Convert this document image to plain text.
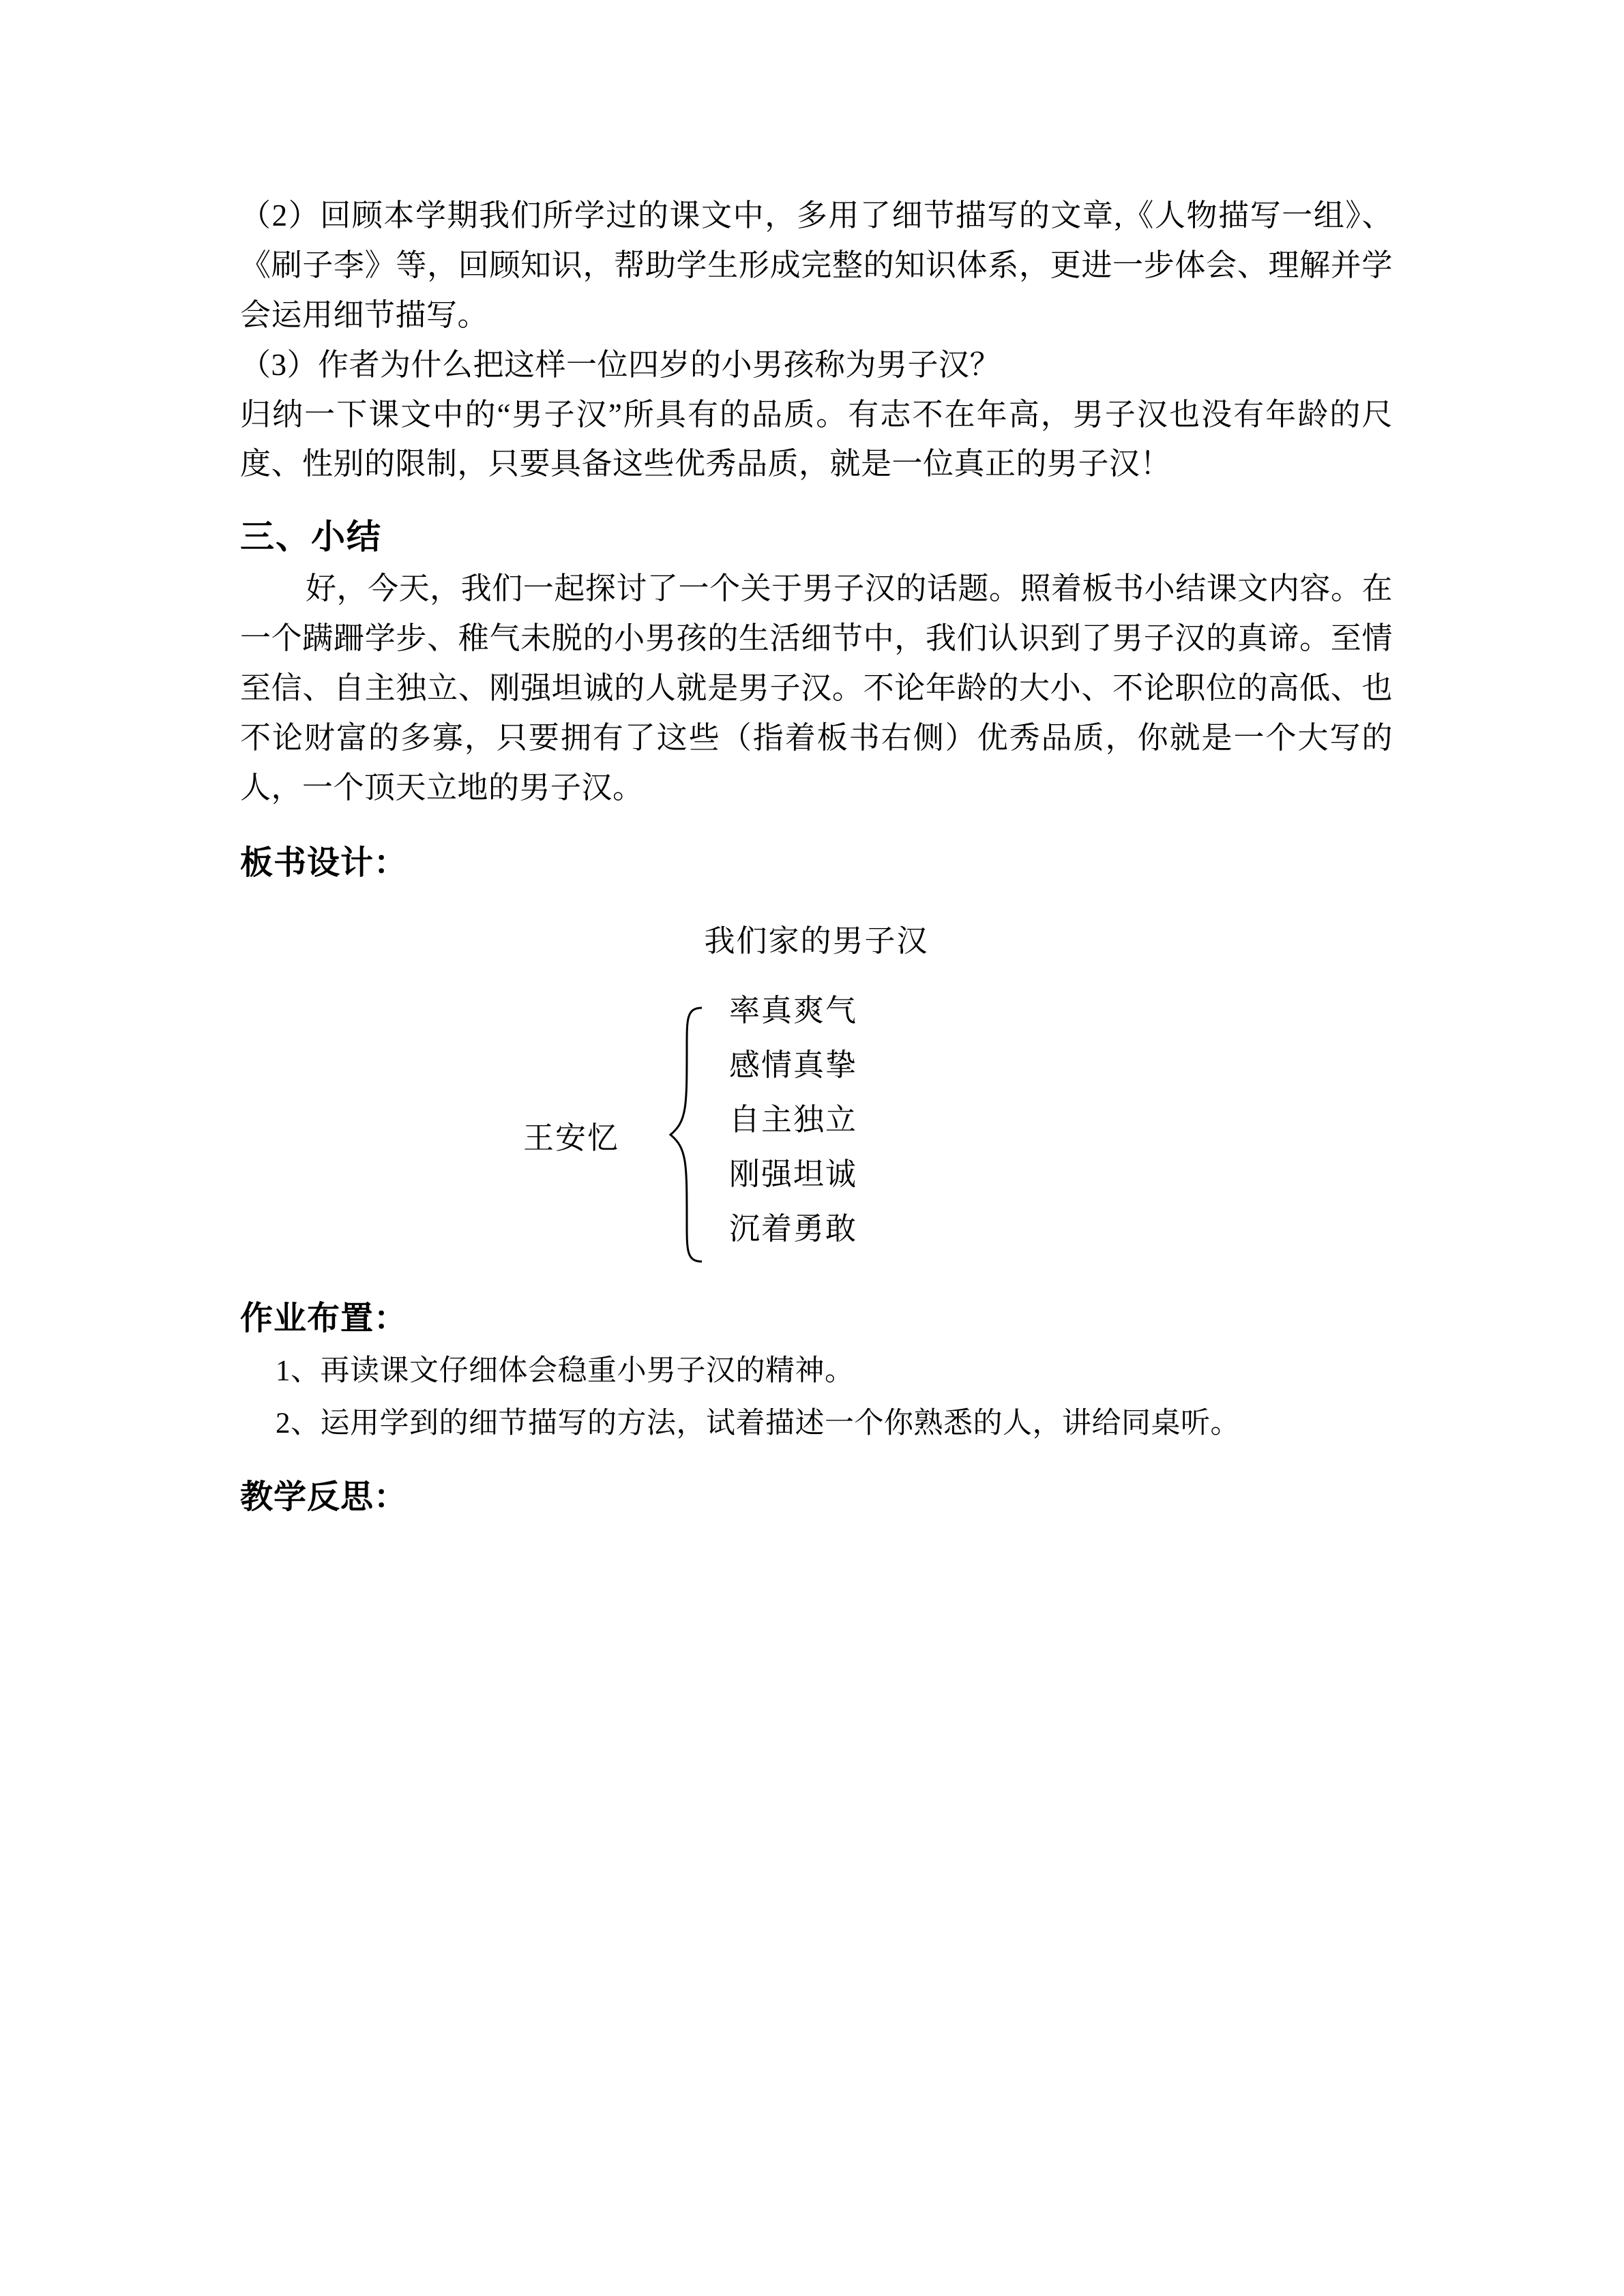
（2）回顾本学期我们所学过的课文中，多用了细节描写的文章,《人物描写一组》、《刷子李》等，回顾知识，帮助学生形成完整的知识体系，更进一步体会、理解并学会运用细节描写。

（3）作者为什么把这样一位四岁的小男孩称为男子汉？

归纳一下课文中的“男子汉”所具有的品质。有志不在年高，男子汉也没有年龄的尺度、性别的限制，只要具备这些优秀品质，就是一位真正的男子汉！

三、小结

好，今天，我们一起探讨了一个关于男子汉的话题。照着板书小结课文内容。在一个蹒跚学步、稚气未脱的小男孩的生活细节中，我们认识到了男子汉的真谛。至情至信、自主独立、刚强坦诚的人就是男子汉。不论年龄的大小、不论职位的高低、也不论财富的多寡，只要拥有了这些（指着板书右侧）优秀品质，你就是一个大写的人，一个顶天立地的男子汉。

板书设计：
我们家的男子汉
王安忆
率真爽气
感情真挚
自主独立
刚强坦诚
沉着勇敢
作业布置：

1、再读课文仔细体会稳重小男子汉的精神。

2、运用学到的细节描写的方法，试着描述一个你熟悉的人，讲给同桌听。

教学反思：
